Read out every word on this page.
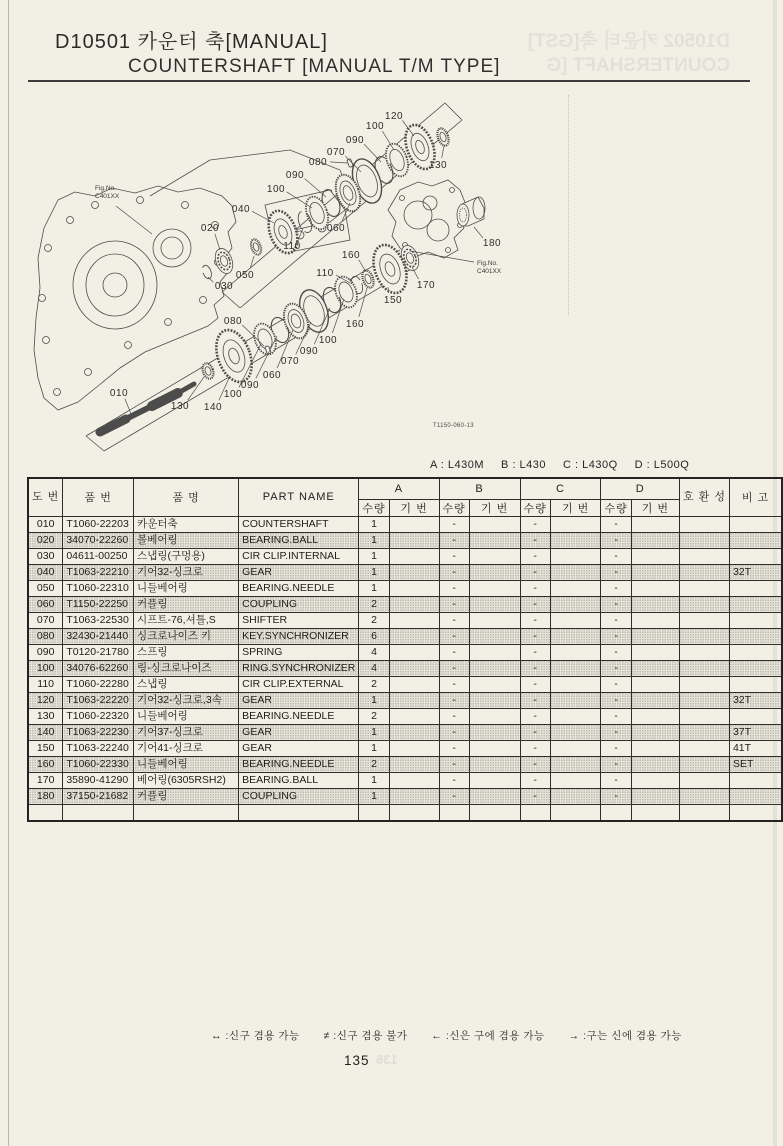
D10501 카운터 축[MANUAL]
COUNTERSHAFT [MANUAL T/M TYPE]
D10502 카운터 축[GST]
COUNTERSHAFT [G
136
010
020
030
040
050
060
060
070
070
080
080
090
090
090
090
100
100
100
100
110
110
120
130
130 140
150
160
160
170
180
Fig.No.
C401XX
Fig.No.
C401XX
T1150-060-13
A : L430M B : L430 C : L430Q D : L500Q
도 번	품 번	품 명	PART NAME	A		B		C		D		호 환 성	비 고
				수량	기 번	수량	기 번	수량	기 번	수량	기 번		
010	T1060-22203	카운터축	COUNTERSHAFT	1		-		-		-			
020	34070-22260	볼베어링	BEARING.BALL	1		-		-		-			
030	04611-00250	스냅링(구멍용)	CIR CLIP.INTERNAL	1		-		-		-			
040	T1063-22210	기어32-싱크로	GEAR	1		-		-		-			32T
050	T1060-22310	니들베어링	BEARING.NEEDLE	1		-		-		-			
060	T1150-22250	커플링	COUPLING	2		-		-		-			
070	T1063-22530	시프트-76,셔틀,S	SHIFTER	2		-		-		-			
080	32430-21440	싱크로나이즈 키	KEY.SYNCHRONIZER	6		-		-		-			
090	T0120-21780	스프링	SPRING	4		-		-		-			
100	34076-62260	링-싱크로나이즈	RING.SYNCHRONIZER	4		-		-		-			
110	T1060-22280	스냅링	CIR CLIP.EXTERNAL	2		-		-		-			
120	T1063-22220	기어32-싱크로,3속	GEAR	1		-		-		-			32T
130	T1060-22320	니들베어링	BEARING.NEEDLE	2		-		-		-			
140	T1063-22230	기어37-싱크로	GEAR	1		-		-		-			37T
150	T1063-22240	기어41-싱크로	GEAR	1		-		-		-			41T
160	T1060-22330	니들베어링	BEARING.NEEDLE	2		-		-		-			SET
170	35890-41290	베어링(6305RSH2)	BEARING.BALL	1		-		-		-			
180	37150-21682	커플링	COUPLING	1		-		-		-			

↔ :신구 겸용 가능 ≠ :신구 겸용 불가 ← :신은 구에 겸용 가능 → :구는 신에 겸용 가능
135
